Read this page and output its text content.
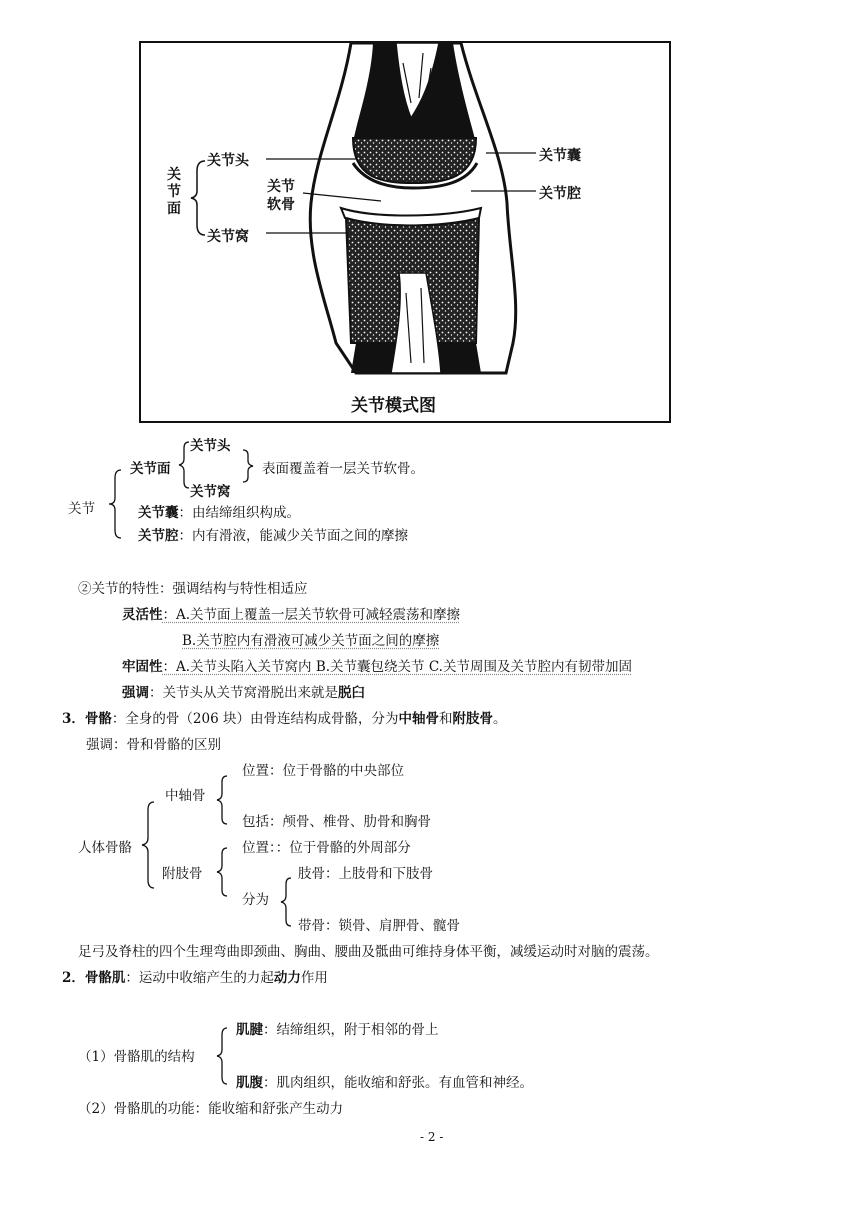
关
节
面
关节头
关节
软骨
关节窝
关节囊
关节腔
关节模式图
关节
关节面
关节头
关节窝
表面覆盖着一层关节软骨。
关节囊：由结缔组织构成。
关节腔：内有滑液，能减少关节面之间的摩擦
②关节的特性：强调结构与特性相适应
灵活性：A.关节面上覆盖一层关节软骨可减轻震荡和摩擦
B.关节腔内有滑液可减少关节面之间的摩擦
牢固性：A.关节头陷入关节窝内 B.关节囊包绕关节 C.关节周围及关节腔内有韧带加固
强调：关节头从关节窝滑脱出来就是脱臼
3．骨骼：全身的骨（206 块）由骨连结构成骨骼，分为中轴骨和附肢骨。
强调：骨和骨骼的区别
人体骨骼
中轴骨
位置：位于骨骼的中央部位
包括：颅骨、椎骨、肋骨和胸骨
位置：：位于骨骼的外周部分
附肢骨	肢骨：上肢骨和下肢骨
分为
带骨：锁骨、肩胛骨、髋骨
足弓及脊柱的四个生理弯曲即颈曲、胸曲、腰曲及骶曲可维持身体平衡，减缓运动时对脑的震荡。
2．骨骼肌：运动中收缩产生的力起动力作用
（1）骨骼肌的结构
肌腱：结缔组织，附于相邻的骨上
肌腹：肌肉组织，能收缩和舒张。有血管和神经。
（2）骨骼肌的功能：能收缩和舒张产生动力
- 2 -
